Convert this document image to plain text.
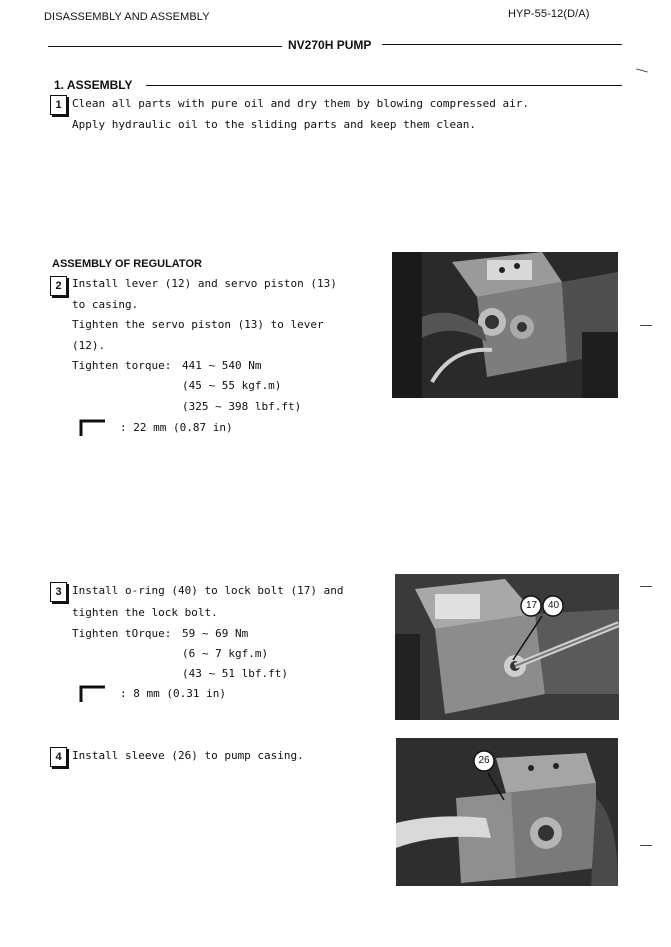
DISASSEMBLY AND ASSEMBLY	HYP-55-12(D/A)
NV270H PUMP
1. ASSEMBLY
1 Clean all parts with pure oil and dry them by blowing compressed air.
Apply hydraulic oil to the sliding parts and keep them clean.
ASSEMBLY OF REGULATOR
2 Install lever (12) and servo piston (13)
to casing.
Tighten the servo piston (13) to lever
(12).
Tighten torque: 441 ~ 540 Nm
(45 ~ 55 kgf.m)
(325 ~ 398 lbf.ft)
: 22 mm (0.87 in)
3 Install o-ring (40) to lock bolt (17) and
tighten the lock bolt.
Tighten tOrque: 59 ~ 69 Nm
(6 ~ 7 kgf.m)
(43 ~ 51 lbf.ft)
: 8 mm (0.31 in)
17 40
4 Install sleeve (26) to pump casing.	26
